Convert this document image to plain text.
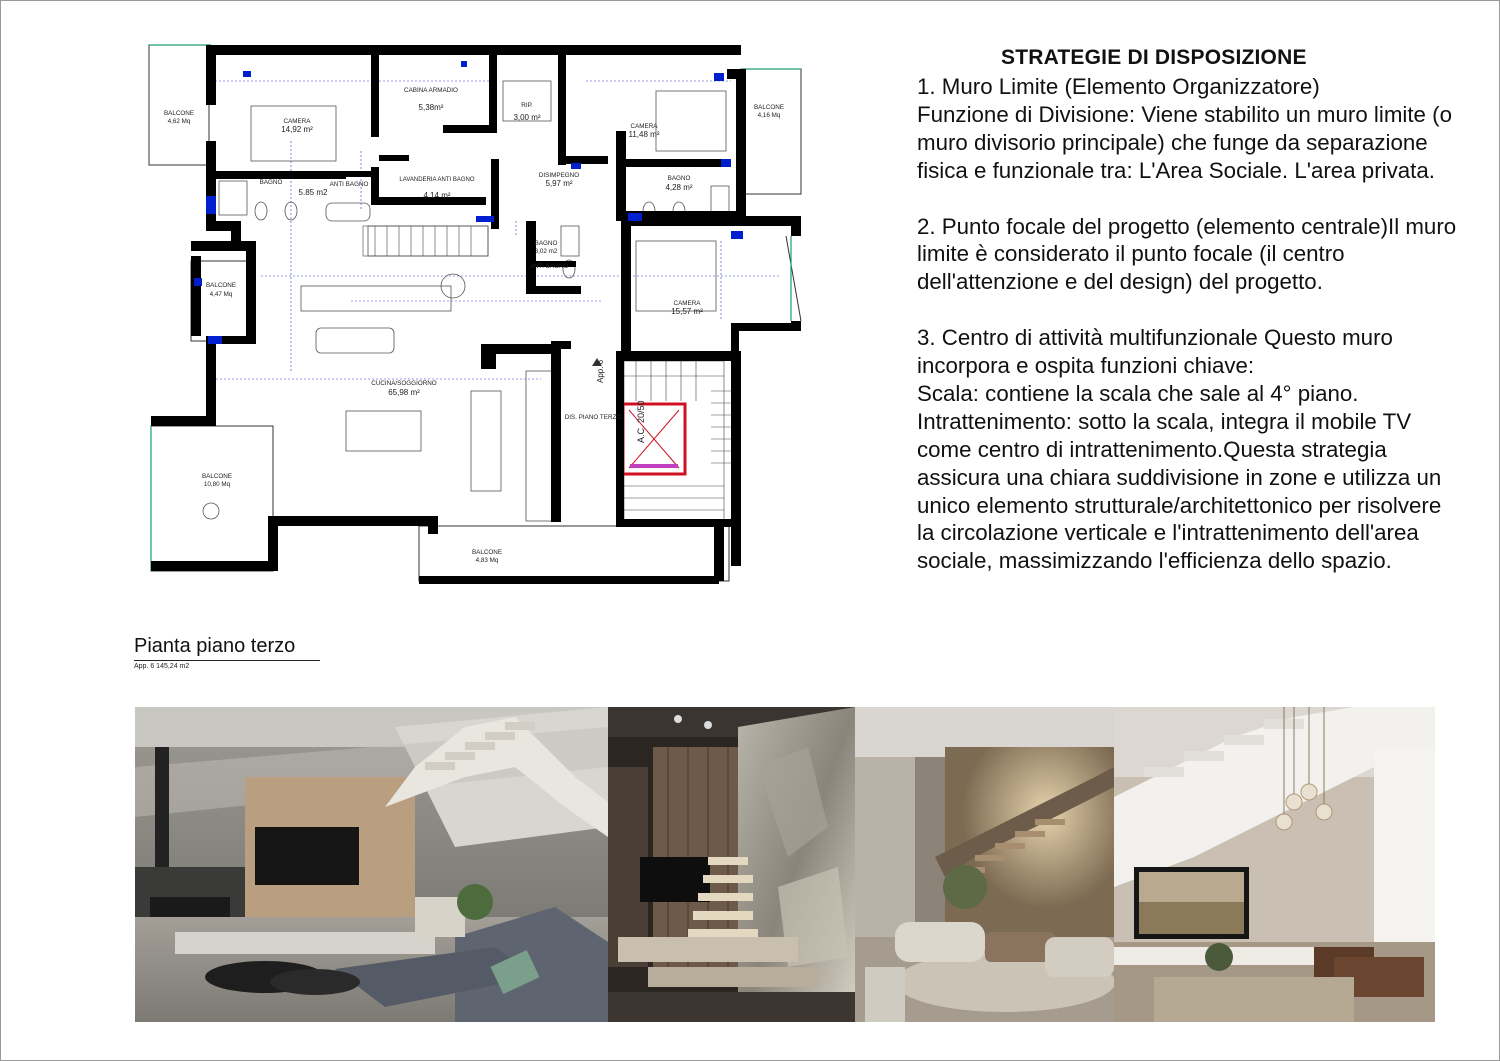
App. 6
A.C. 20/50
BALCONE
4,62 Mq	CAMERA
14,92 m²
CABINA ARMADIO
5,38m²	RIP.
3,00 m²
CAMERA
11,48 m²
BALCONE
4,16 Mq
BAGNO
5.85 m2
ANTI BAGNO
LAVANDERIA ANTI BAGNO
4,14 m²
DISIMPEGNO
5,97 m²
BAGNO
4,28 m²
BAGNO
3,02 m2
ANTI BAGNO
BALCONE
4,47 Mq
CAMERA
15,57 m²
CUCINA/SOGGIORNO
65,98 m²
DIS. PIANO TERZO
BALCONE
10,80 Mq
BALCONE
4,83 Mq
Pianta piano terzo
App. 6 145,24 m2
STRATEGIE DI DISPOSIZIONE

1. Muro Limite (Elemento Organizzatore)
Funzione di Divisione: Viene stabilito un muro limite (o muro divisorio principale) che funge da separazione fisica e funzionale tra: L'Area Sociale. L'area privata.

2. Punto focale del progetto (elemento centrale)Il muro limite è considerato il punto focale (il centro dell'attenzione e del design) del progetto.

3. Centro di attività multifunzionale Questo muro incorpora e ospita funzioni chiave:
Scala: contiene la scala che sale al 4° piano.
Intrattenimento: sotto la scala, integra il mobile TV come centro di intrattenimento.Questa strategia assicura una chiara suddivisione in zone e utilizza un unico elemento strutturale/architettonico per risolvere la circolazione verticale e l'intrattenimento dell'area sociale, massimizzando l'efficienza dello spazio.
